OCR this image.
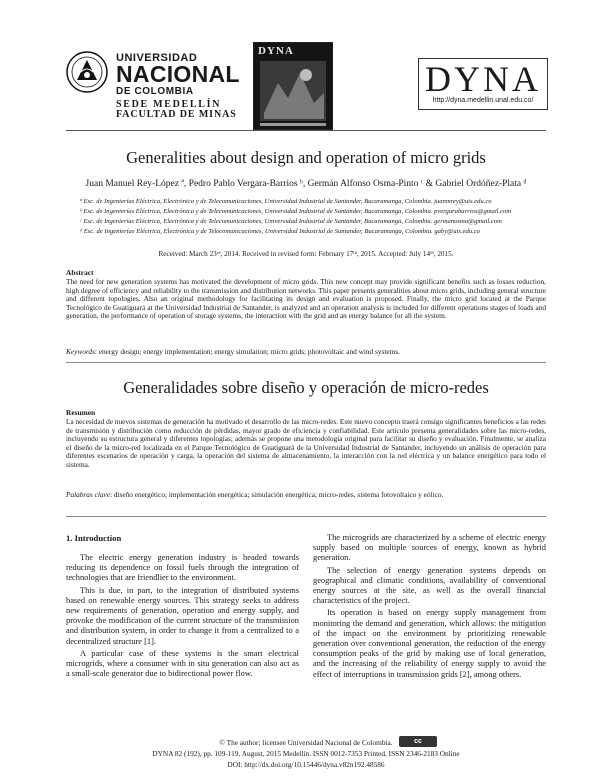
UNIVERSIDAD
NACIONAL
DE COLOMBIA
SEDE MEDELLÍN
FACULTAD DE MINAS
DYNA
DYNA
http://dyna.medellin.unal.edu.co/
Generalities about design and operation of micro grids
Juan Manuel Rey-López ª, Pedro Pablo Vergara-Barrios ᵇ, Germán Alfonso Osma-Pinto ᶜ & Gabriel Ordóñez-Plata ᵈ
ª Esc. de Ingenierías Eléctrica, Electrónica y de Telecomunicaciones, Universidad Industrial de Santander, Bucaramanga, Colombia. juanmrey@uis.edu.co
ᵇ Esc. de Ingenierías Eléctrica, Electrónica y de Telecomunicaciones, Universidad Industrial de Santander, Bucaramanga, Colombia. pvergarabarrios@gmail.com
ᶜ Esc. de Ingenierías Eléctrica, Electrónica y de Telecomunicaciones, Universidad Industrial de Santander, Bucaramanga, Colombia. germanosma@gmail.com
ᵈ Esc. de Ingenierías Eléctrica, Electrónica y de Telecomunicaciones, Universidad Industrial de Santander, Bucaramanga, Colombia. gaby@uis.edu.co
Received: March 23ʳᵈ, 2014. Received in revised form: February 17ᵗʰ, 2015. Accepted: July 14ᵗʰ, 2015.
Abstract
The need for new generation systems has motivated the development of micro grids. This new concept may provide significant benefits such as losses reduction, high degree of efficiency and reliability to the transmission and distribution networks. This paper presents generalities about micro grids, including general structure and different topologies. Also an original methodology for facilitating its design and evaluation is proposed. Finally, the micro grid located at the Parque Tecnológico de Guatiguará at the Universidad Industrial de Santander, is analyzed and an operation analysis is included for different operations stages of loads and generation, the performance of operation of storage systems, the interaction with the grid and an energy balance for all the system.
Keywords: energy design; energy implementation; energy simulation; micro grids; photovoltaic and wind systems.
Generalidades sobre diseño y operación de micro-redes
Resumen
La necesidad de nuevos sistemas de generación ha motivado el desarrollo de las micro-redes. Este nuevo concepto traerá consigo significantes beneficios a las redes de transmisión y distribución como reducción de pérdidas, mayor grado de eficiencia y confiabilidad. Este artículo presenta generalidades sobre las micro-redes, incluyendo su estructura general y diferentes topologías; además se propone una metodología original para facilitar su diseño y evaluación. Finalmente, se analiza el diseño de la micro-red localizada en el Parque Tecnológico de Guatiguará de la Universidad Industrial de Santander, incluyendo un análisis de operación para diferentes escenarios de operación y carga, la operación del sistema de almacenamiento, la interacción con la red eléctrica y un balance energético para todo el sistema.
Palabras clave: diseño energético; implementación energética; simulación energética; micro-redes, sistema fotovoltaico y eólico.
1. Introduction

The electric energy generation industry is headed towards reducing its dependence on fossil fuels through the integration of technologies that are friendlier to the environment.

This is due, in part, to the integration of distributed systems based on renewable energy sources. This strategy seeks to address new requirements of generation, operation and energy supply, and provoke the modification of the current structure of the transmission and distribution system, in order to change it from a centralized to a decentralized structure [1].

A particular case of these systems is the smart electrical microgrids, where a consumer with in situ generation can also act as a small-scale generator due to bidirectional power flow.

The microgrids are characterized by a scheme of electric energy supply based on multiple sources of energy, known as hybrid generation.

The selection of energy generation systems depends on geographical and climatic conditions, availability of conventional energy sources at the site, as well as the overall financial characteristics of the project.

Its operation is based on energy supply management from monitoring the demand and generation, which allows: the mitigation of the impact on the environment by prioritizing renewable generation over conventional generation, the reduction of the energy consumption peaks of the grid by making use of local generation, and the increasing of the reliability of energy supply to avoid the effect of interruptions in transmission grids [2], among others.

© The author; licensee Universidad Nacional de Colombia.	cc
DYNA 82 (192), pp. 109-119. August, 2015 Medellín. ISSN 0012-7353 Printed, ISSN 2346-2183 Online
DOI: http://dx.doi.org/10.15446/dyna.v82n192.48586
